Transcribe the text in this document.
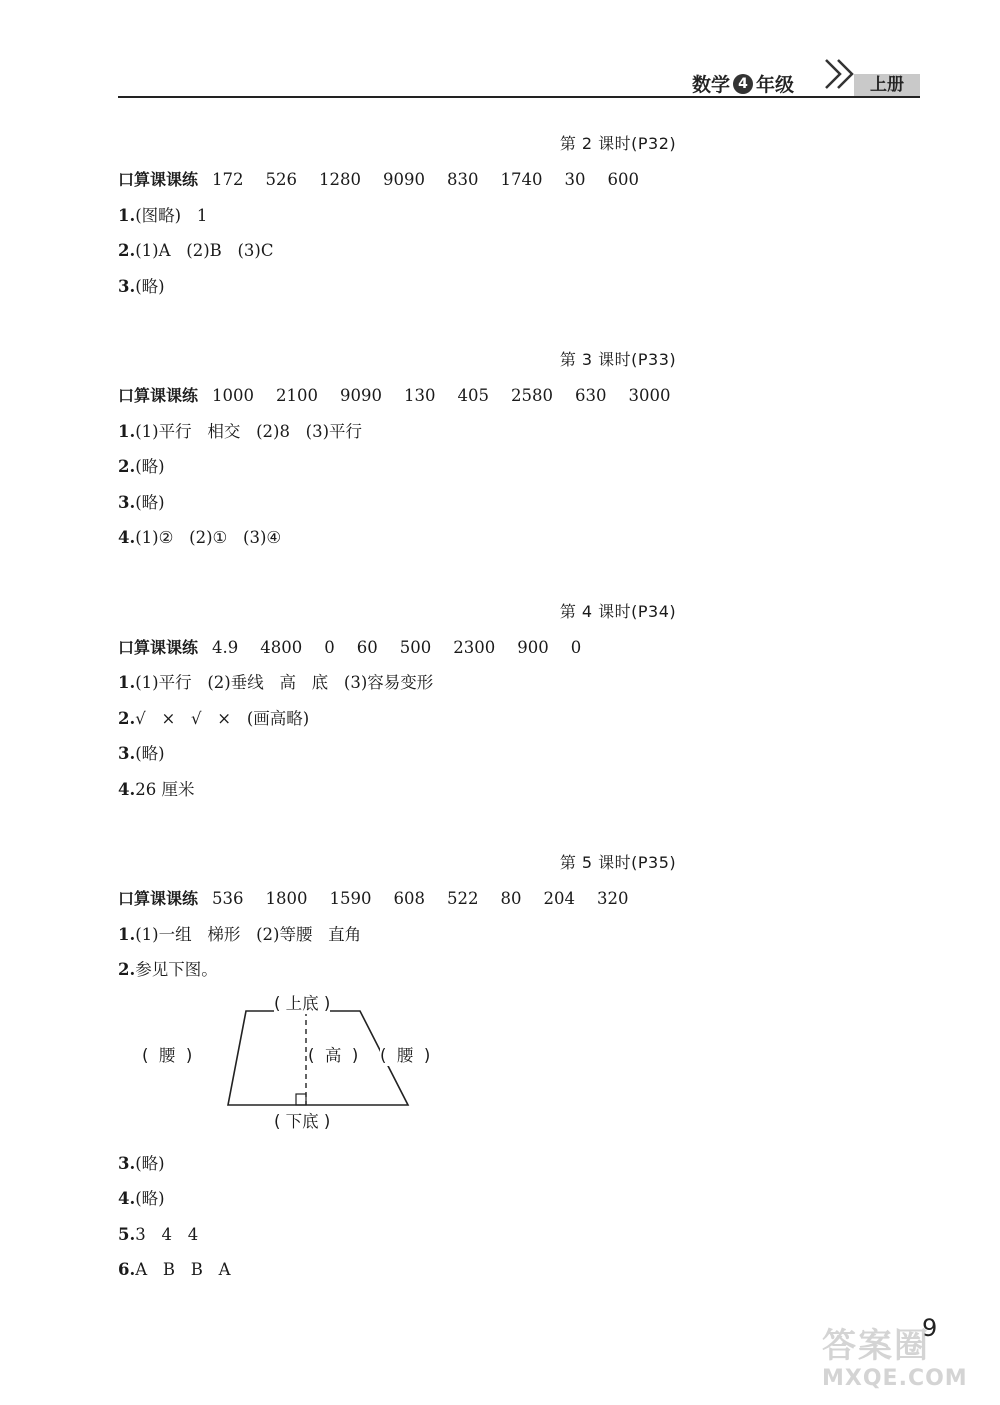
数学 4 年级	上册
第 2 课时(P32)
口算课课练 172 526 1280 9090 830 1740 30 600
1.(图略)   1
2.(1)A   (2)B   (3)C
3.(略)
第 3 课时(P33)
口算课课练 1000 2100 9090 130 405 2580 630 3000
1.(1)平行   相交   (2)8   (3)平行
2.(略)
3.(略)
4.(1)②   (2)①   (3)④
第 4 课时(P34)
口算课课练 4.9 4800 0 60 500 2300 900 0
1.(1)平行   (2)垂线   高   底   (3)容易变形
2.√   ×   √   ×   (画高略)
3.(略)
4.26 厘米
第 5 课时(P35)
口算课课练 536 1800 1590 608 522 80 204 320
1.(1)一组   梯形   (2)等腰   直角
2.参见下图。
( 上底 )
( 下底 )
(  腰  )	(  高  ) (  腰  )
3.(略)
4.(略)
5.3   4   4
6.A   B   B   A
答案圈
MXQE.COM
9
